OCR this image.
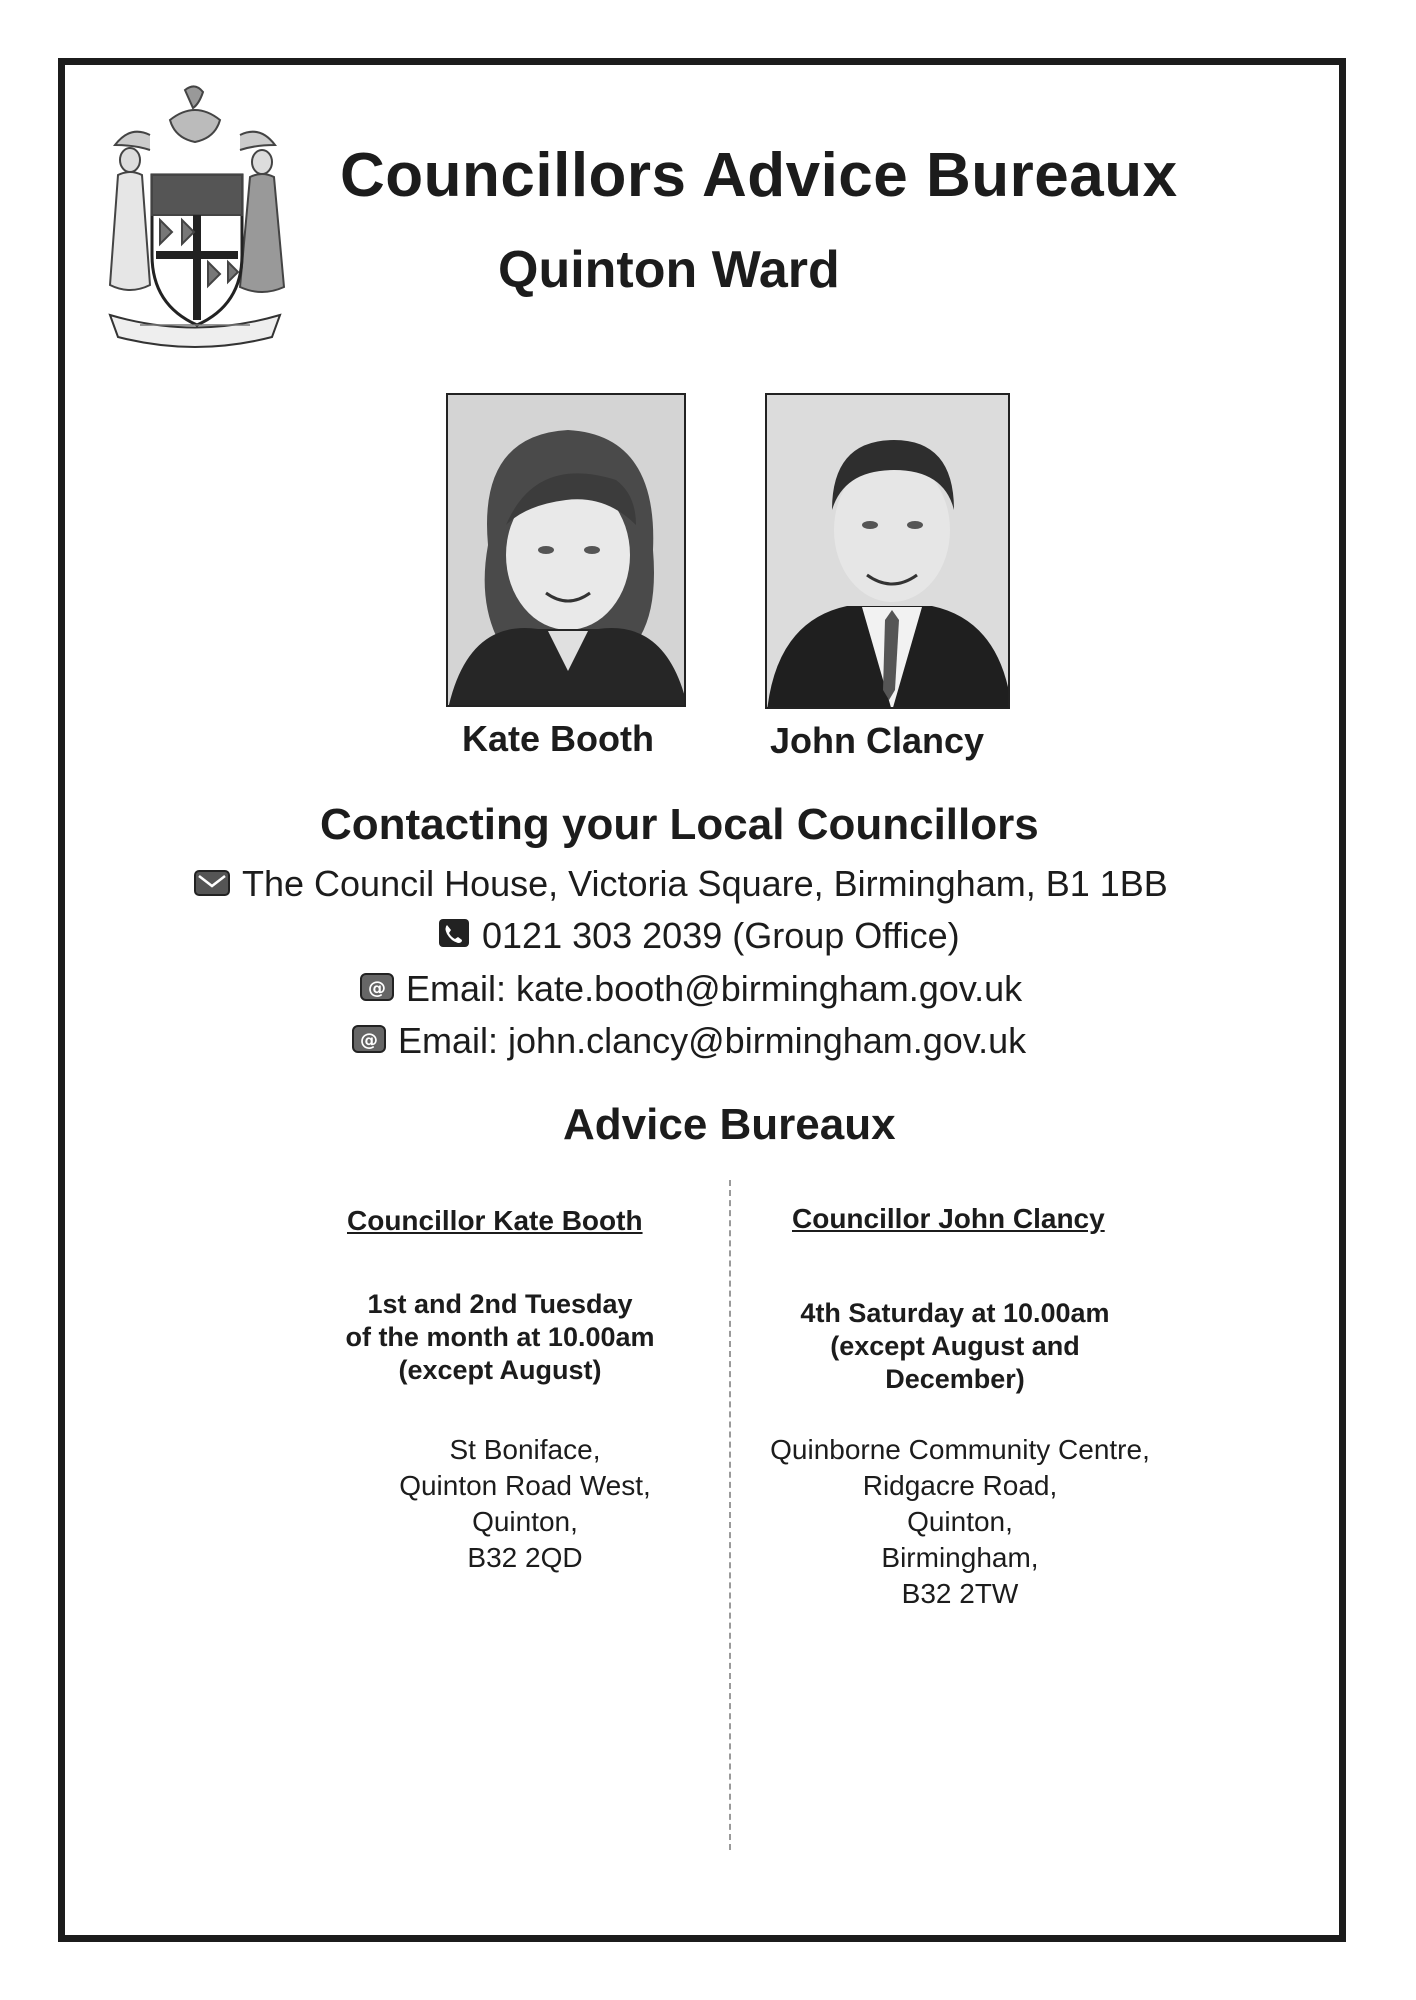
Councillors Advice Bureaux
Quinton Ward
Kate Booth	John Clancy
Contacting your Local Councillors
The Council House, Victoria Square, Birmingham, B1 1BB
0121 303 2039 (Group Office)
@ Email: kate.booth@birmingham.gov.uk
@ Email: john.clancy@birmingham.gov.uk
Advice Bureaux
Councillor Kate Booth	Councillor John Clancy
1st and 2nd Tuesday
of the month at 10.00am
(except August)
4th Saturday at 10.00am
(except August and
December)
St Boniface,
Quinton Road West,
Quinton,
B32 2QD
Quinborne Community Centre,
Ridgacre Road,
Quinton,
Birmingham,
B32 2TW
